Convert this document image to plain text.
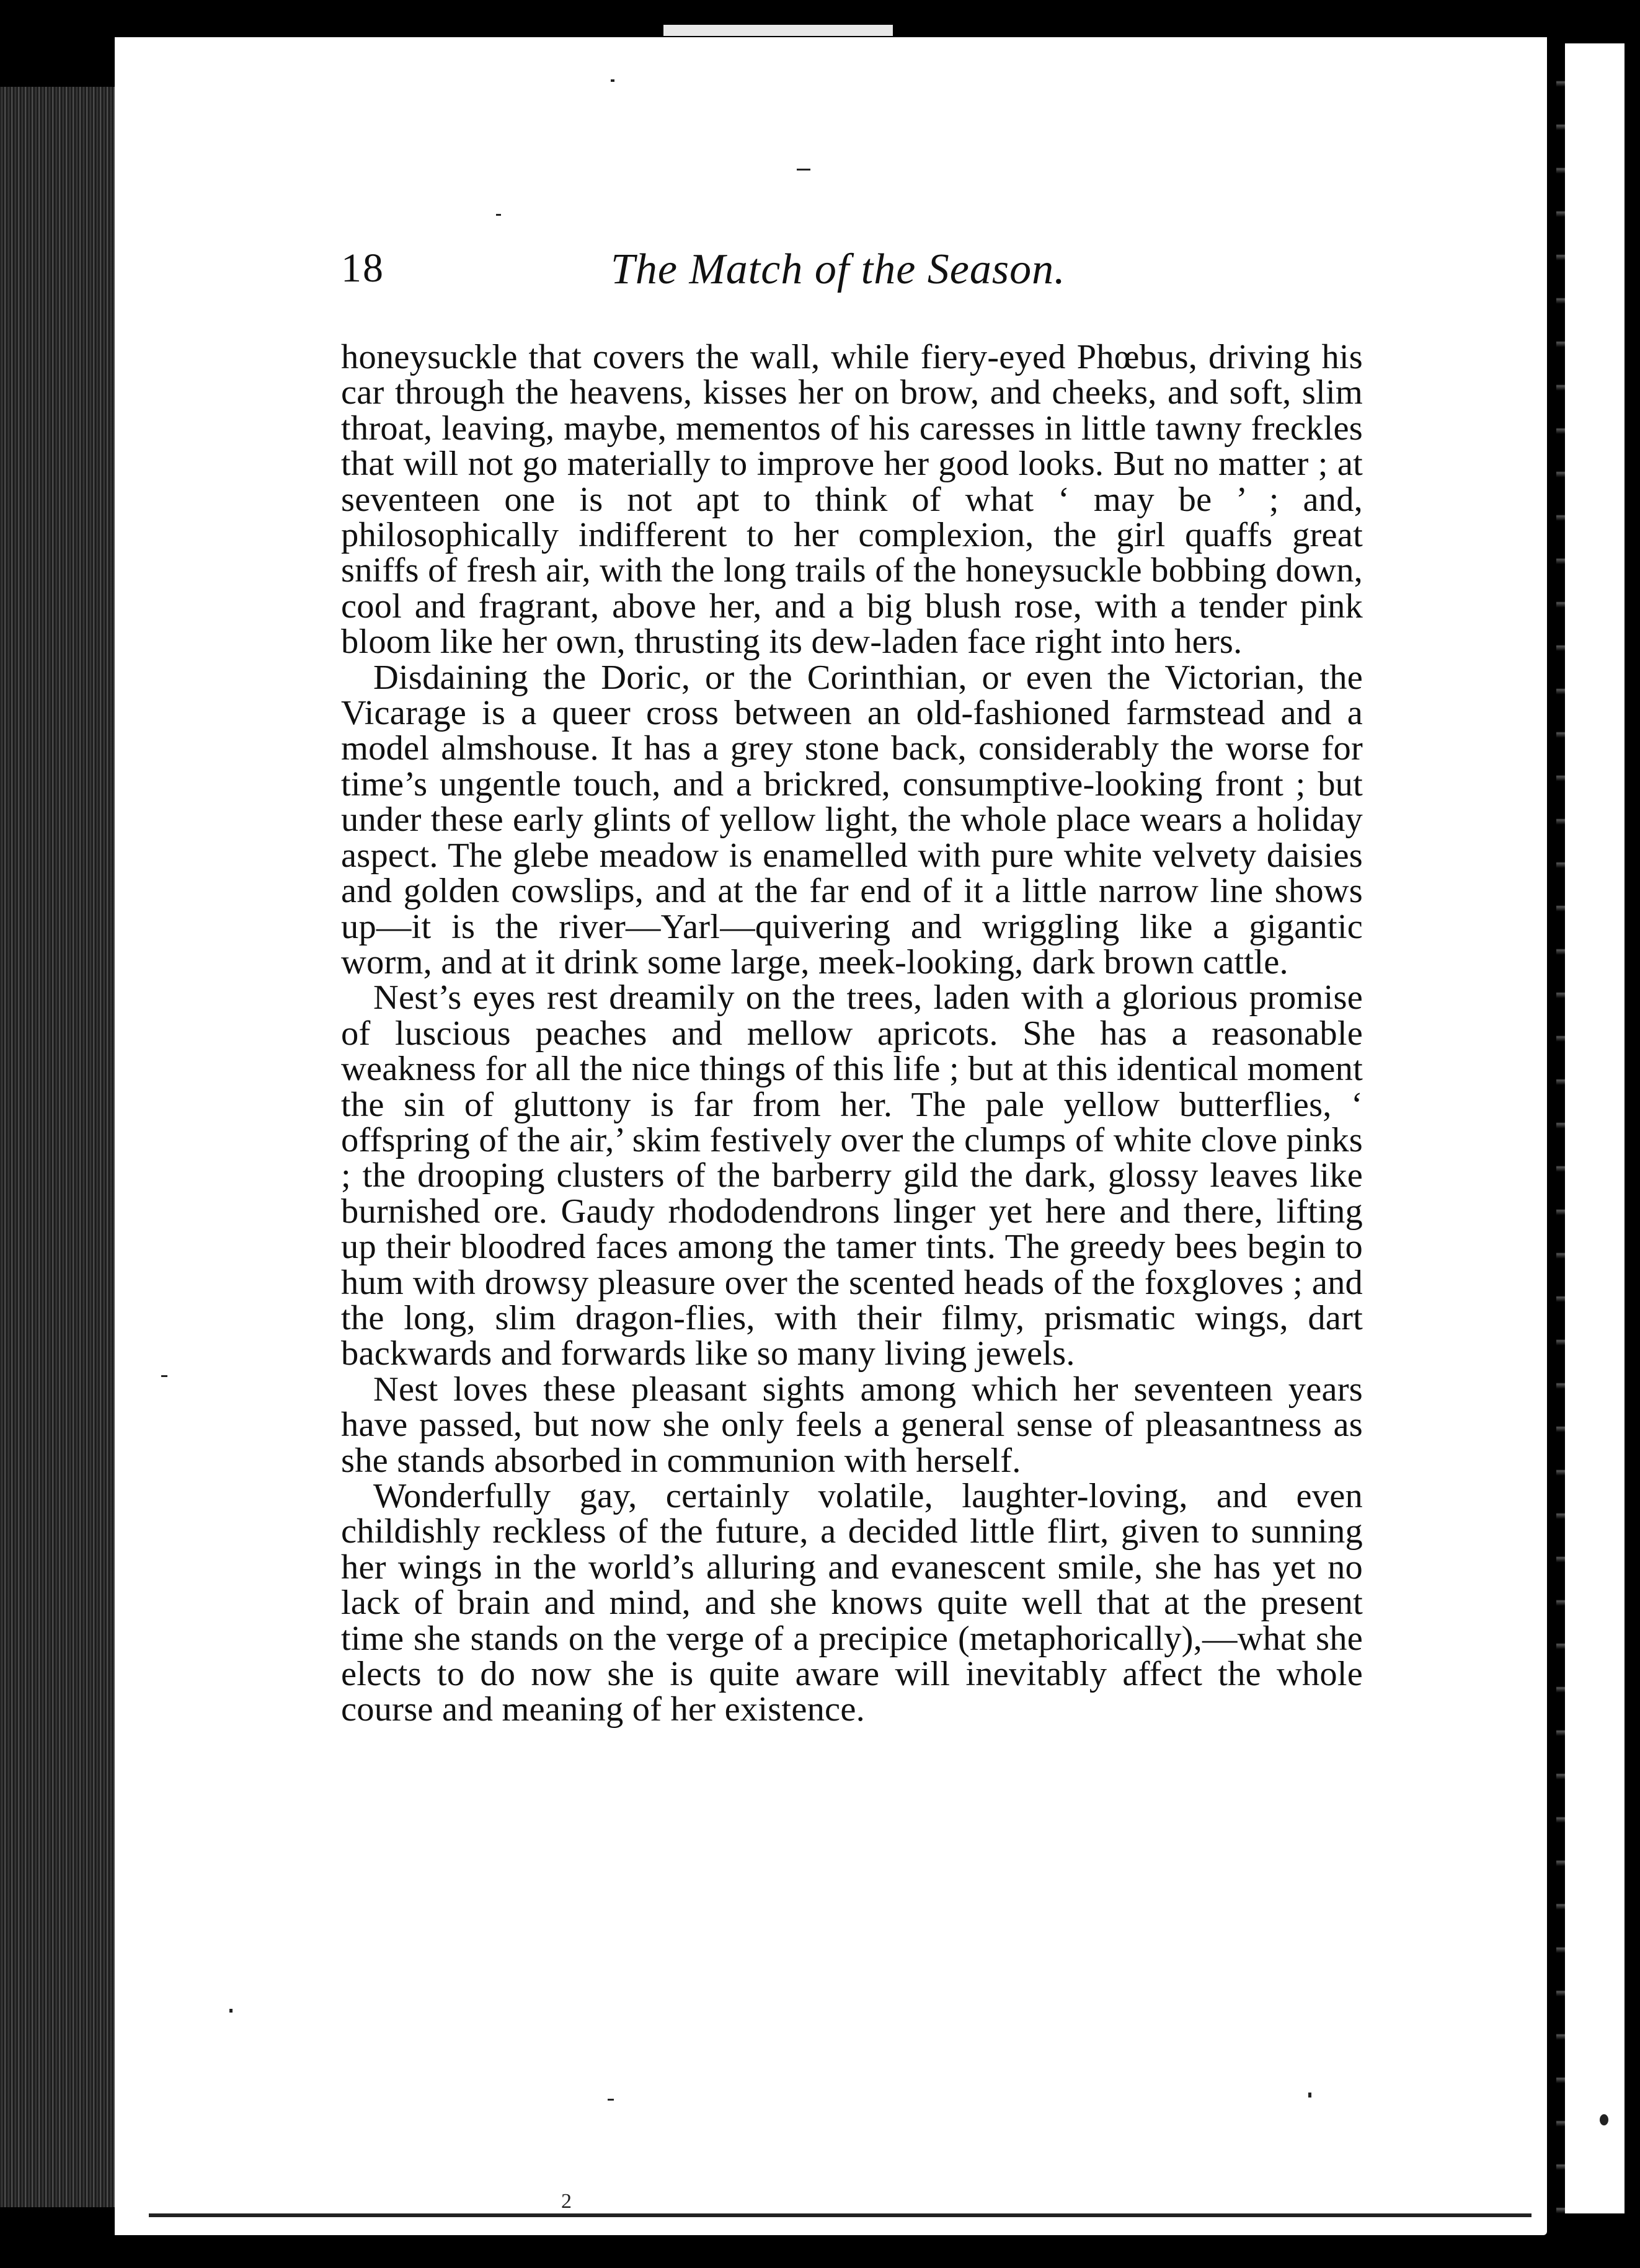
18	The Match of the Season.

honeysuckle that covers the wall, while fiery-eyed Phœbus, driving his car through the heavens, kisses her on brow, and cheeks, and soft, slim throat, leaving, maybe, mementos of his caresses in little tawny freckles that will not go materially to improve her good looks. But no matter ; at seventeen one is not apt to think of what ‘ may be ’ ; and, philosophically indifferent to her complexion, the girl quaffs great sniffs of fresh air, with the long trails of the honeysuckle bobbing down, cool and fragrant, above her, and a big blush rose, with a tender pink bloom like her own, thrusting its dew-laden face right into hers.

Disdaining the Doric, or the Corinthian, or even the Victorian, the Vicarage is a queer cross between an old-fashioned farmstead and a model almshouse. It has a grey stone back, considerably the worse for time’s ungentle touch, and a brickred, consumptive-looking front ; but under these early glints of yellow light, the whole place wears a holiday aspect. The glebe meadow is enamelled with pure white velvety daisies and golden cowslips, and at the far end of it a little narrow line shows up—it is the river—Yarl—quivering and wriggling like a gigantic worm, and at it drink some large, meek-looking, dark brown cattle.

Nest’s eyes rest dreamily on the trees, laden with a glorious promise of luscious peaches and mellow apricots. She has a reasonable weakness for all the nice things of this life ; but at this identical moment the sin of gluttony is far from her. The pale yellow butterflies, ‘ offspring of the air,’ skim festively over the clumps of white clove pinks ; the drooping clusters of the barberry gild the dark, glossy leaves like burnished ore. Gaudy rhododendrons linger yet here and there, lifting up their bloodred faces among the tamer tints. The greedy bees begin to hum with drowsy pleasure over the scented heads of the foxgloves ; and the long, slim dragon-flies, with their filmy, prismatic wings, dart backwards and forwards like so many living jewels.

Nest loves these pleasant sights among which her seventeen years have passed, but now she only feels a general sense of pleasantness as she stands absorbed in communion with herself.

Wonderfully gay, certainly volatile, laughter-loving, and even childishly reckless of the future, a decided little flirt, given to sunning her wings in the world’s alluring and evanescent smile, she has yet no lack of brain and mind, and she knows quite well that at the present time she stands on the verge of a precipice (metaphorically),—what she elects to do now she is quite aware will inevitably affect the whole course and meaning of her existence.

2
